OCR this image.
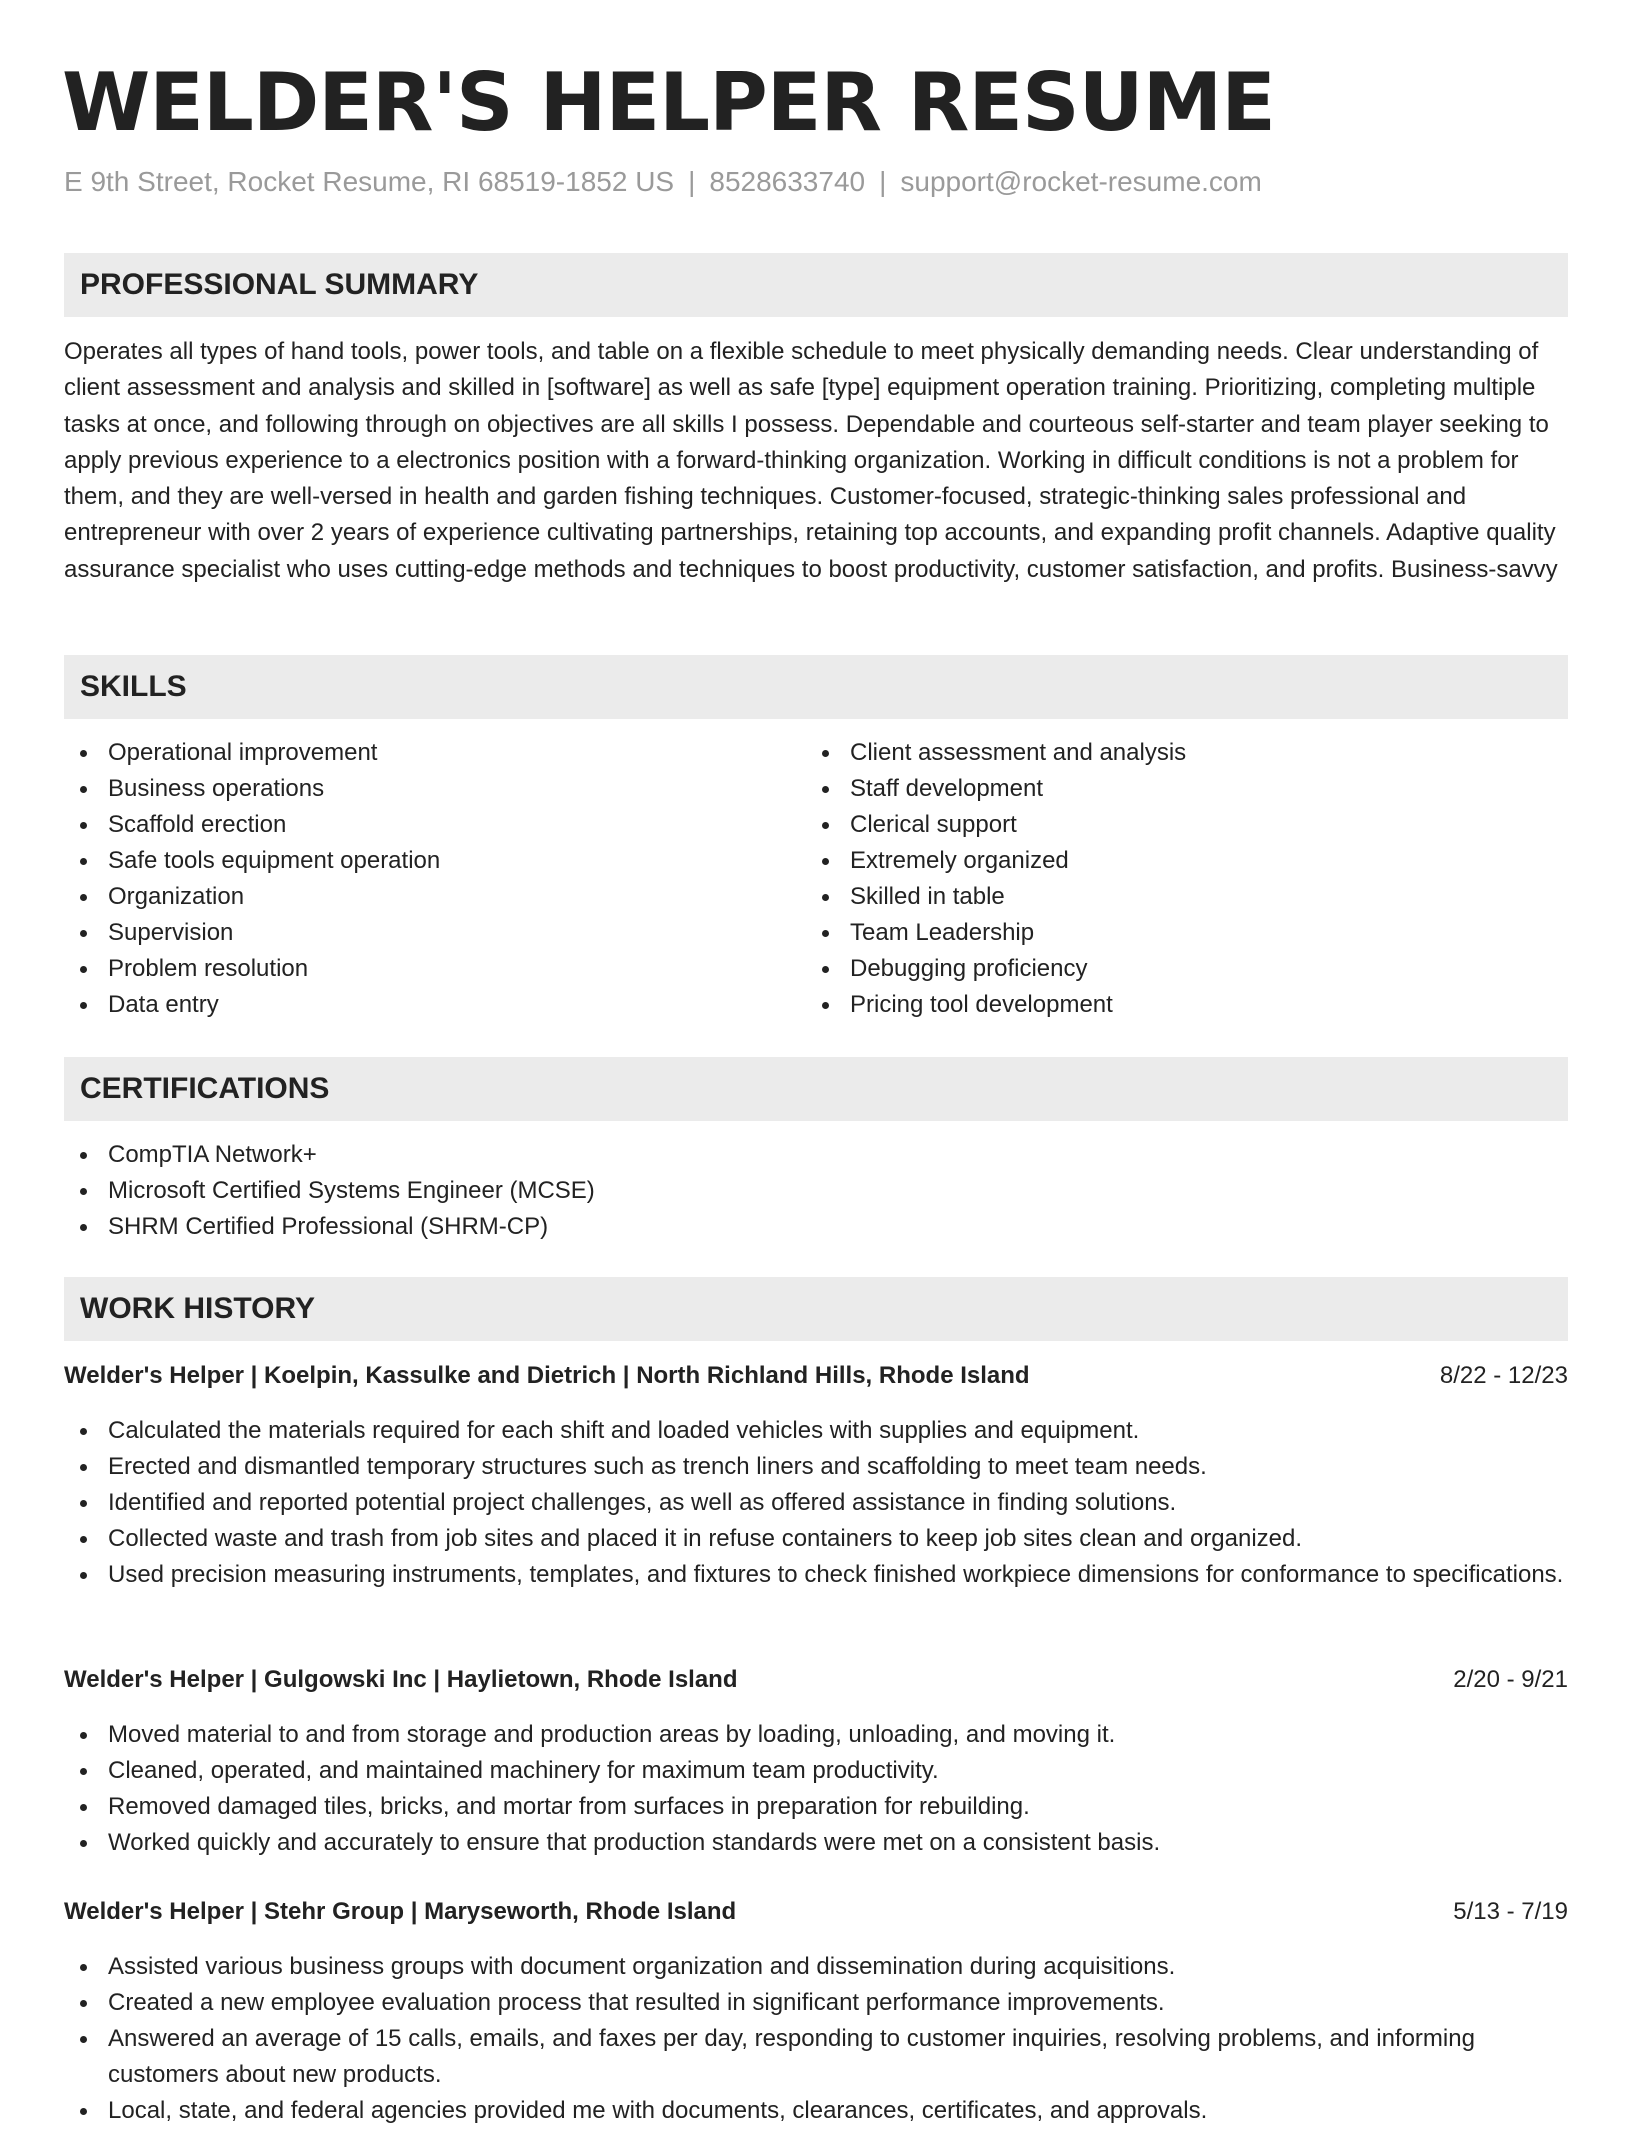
WELDER'S HELPER RESUME
E 9th Street, Rocket Resume, RI 68519-1852 US | 8528633740 | support@rocket-resume.com
PROFESSIONAL SUMMARY

Operates all types of hand tools, power tools, and table on a flexible schedule to meet physically demanding needs. Clear understanding of client assessment and analysis and skilled in [software] as well as safe [type] equipment operation training. Prioritizing, completing multiple tasks at once, and following through on objectives are all skills I possess. Dependable and courteous self-starter and team player seeking to apply previous experience to a electronics position with a forward-thinking organization. Working in difficult conditions is not a problem for them, and they are well-versed in health and garden fishing techniques. Customer-focused, strategic-thinking sales professional and entrepreneur with over 2 years of experience cultivating partnerships, retaining top accounts, and expanding profit channels. Adaptive quality assurance specialist who uses cutting-edge methods and techniques to boost productivity, customer satisfaction, and profits. Business-savvy

SKILLS
Operational improvement
Business operations
Scaffold erection
Safe tools equipment operation
Organization
Supervision
Problem resolution
Data entry
Client assessment and analysis
Staff development
Clerical support
Extremely organized
Skilled in table
Team Leadership
Debugging proficiency
Pricing tool development
CERTIFICATIONS
CompTIA Network+
Microsoft Certified Systems Engineer (MCSE)
SHRM Certified Professional (SHRM-CP)
WORK HISTORY
Welder's Helper | Koelpin, Kassulke and Dietrich | North Richland Hills, Rhode Island	8/22 - 12/23
Calculated the materials required for each shift and loaded vehicles with supplies and equipment.
Erected and dismantled temporary structures such as trench liners and scaffolding to meet team needs.
Identified and reported potential project challenges, as well as offered assistance in finding solutions.
Collected waste and trash from job sites and placed it in refuse containers to keep job sites clean and organized.
Used precision measuring instruments, templates, and fixtures to check finished workpiece dimensions for conformance to specifications.
Welder's Helper | Gulgowski Inc | Haylietown, Rhode Island	2/20 - 9/21
Moved material to and from storage and production areas by loading, unloading, and moving it.
Cleaned, operated, and maintained machinery for maximum team productivity.
Removed damaged tiles, bricks, and mortar from surfaces in preparation for rebuilding.
Worked quickly and accurately to ensure that production standards were met on a consistent basis.
Welder's Helper | Stehr Group | Maryseworth, Rhode Island	5/13 - 7/19
Assisted various business groups with document organization and dissemination during acquisitions.
Created a new employee evaluation process that resulted in significant performance improvements.
Answered an average of 15 calls, emails, and faxes per day, responding to customer inquiries, resolving problems, and informing customers about new products.
Local, state, and federal agencies provided me with documents, clearances, certificates, and approvals.
